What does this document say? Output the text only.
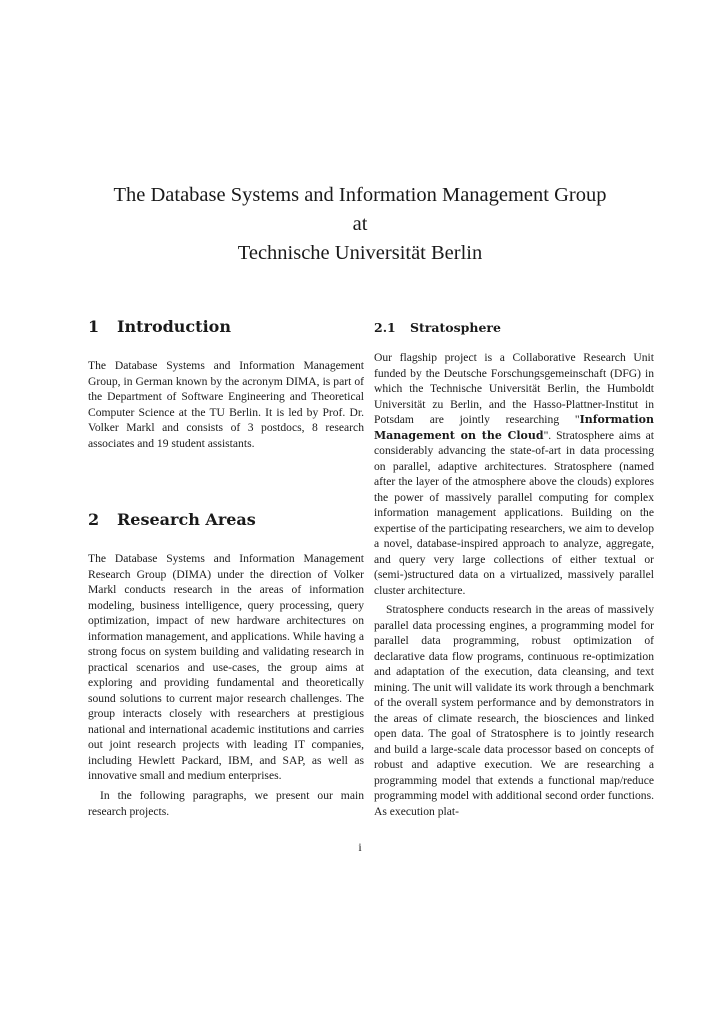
The Database Systems and Information Management Group
at
Technische Universität Berlin
1 Introduction

The Database Systems and Information Management Group, in German known by the acronym DIMA, is part of the Department of Software Engineering and Theoretical Computer Science at the TU Berlin. It is led by Prof. Dr. Volker Markl and consists of 3 postdocs, 8 research associates and 19 student assistants.

2 Research Areas

The Database Systems and Information Management Research Group (DIMA) under the direction of Volker Markl conducts research in the areas of information modeling, business intelligence, query processing, query optimization, impact of new hardware architectures on information management, and applications. While having a strong focus on system building and validating research in practical scenarios and use-cases, the group aims at exploring and providing fundamental and theoretically sound solutions to current major research challenges. The group interacts closely with researchers at prestigious national and international academic institutions and carries out joint research projects with leading IT companies, including Hewlett Packard, IBM, and SAP, as well as innovative small and medium enterprises.

In the following paragraphs, we present our main research projects.

2.1 Stratosphere

Our flagship project is a Collaborative Research Unit funded by the Deutsche Forschungsgemeinschaft (DFG) in which the Technische Universität Berlin, the Humboldt Universität zu Berlin, and the Hasso-Plattner-Institut in Potsdam are jointly researching "Information Management on the Cloud". Stratosphere aims at considerably advancing the state-of-art in data processing on parallel, adaptive architectures. Stratosphere (named after the layer of the atmosphere above the clouds) explores the power of massively parallel computing for complex information management applications. Building on the expertise of the participating researchers, we aim to develop a novel, database-inspired approach to analyze, aggregate, and query very large collections of either textual or (semi-)structured data on a virtualized, massively parallel cluster architecture.

Stratosphere conducts research in the areas of massively parallel data processing engines, a programming model for parallel data programming, robust optimization of declarative data flow programs, continuous re-optimization and adaptation of the execution, data cleansing, and text mining. The unit will validate its work through a benchmark of the overall system performance and by demonstrators in the areas of climate research, the biosciences and linked open data. The goal of Stratosphere is to jointly research and build a large-scale data processor based on concepts of robust and adaptive execution. We are researching a programming model that extends a functional map/reduce programming model with additional second order functions. As execution plat-

i
